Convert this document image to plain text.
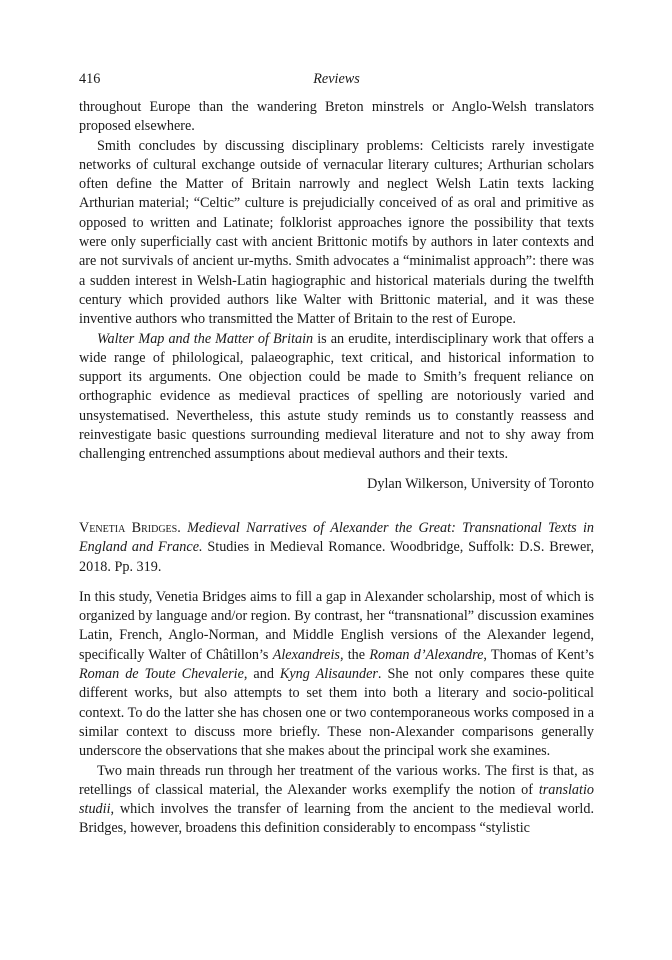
416	Reviews

throughout Europe than the wandering Breton minstrels or Anglo-Welsh translators proposed elsewhere.

Smith concludes by discussing disciplinary problems: Celticists rarely investigate networks of cultural exchange outside of vernacular literary cultures; Arthurian scholars often define the Matter of Britain narrowly and neglect Welsh Latin texts lacking Arthurian material; “Celtic” culture is prejudicially conceived of as oral and primitive as opposed to written and Latinate; folklorist approaches ignore the possibility that texts were only superficially cast with ancient Brittonic motifs by authors in later contexts and are not survivals of ancient ur-myths. Smith advocates a “minimalist approach”: there was a sudden interest in Welsh-Latin hagiographic and historical materials during the twelfth century which provided authors like Walter with Brittonic material, and it was these inventive authors who transmitted the Matter of Britain to the rest of Europe.

Walter Map and the Matter of Britain is an erudite, interdisciplinary work that offers a wide range of philological, palaeographic, text critical, and historical information to support its arguments. One objection could be made to Smith’s frequent reliance on orthographic evidence as medieval practices of spelling are notoriously varied and unsystematised. Nevertheless, this astute study reminds us to constantly reassess and reinvestigate basic questions surrounding medieval literature and not to shy away from challenging entrenched assumptions about medieval authors and their texts.

Dylan Wilkerson, University of Toronto

Venetia Bridges. Medieval Narratives of Alexander the Great: Transnational Texts in England and France. Studies in Medieval Romance. Woodbridge, Suffolk: D.S. Brewer, 2018. Pp. 319.

In this study, Venetia Bridges aims to fill a gap in Alexander scholarship, most of which is organized by language and/or region. By contrast, her “transnational” discussion examines Latin, French, Anglo-Norman, and Middle English versions of the Alexander legend, specifically Walter of Châtillon’s Alexandreis, the Roman d’Alexandre, Thomas of Kent’s Roman de Toute Chevalerie, and Kyng Alisaunder. She not only compares these quite different works, but also attempts to set them into both a literary and socio-political context. To do the latter she has chosen one or two contemporaneous works composed in a similar context to discuss more briefly. These non-Alexander comparisons generally underscore the observations that she makes about the principal work she examines.

Two main threads run through her treatment of the various works. The first is that, as retellings of classical material, the Alexander works exemplify the notion of translatio studii, which involves the transfer of learning from the ancient to the medieval world. Bridges, however, broadens this definition considerably to encompass “stylistic
